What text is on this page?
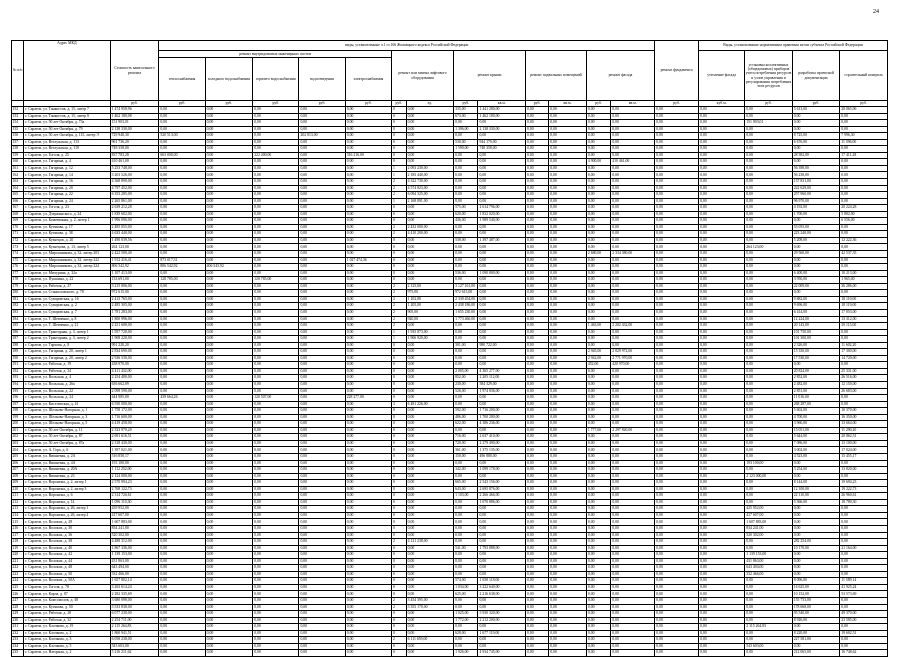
24
№ п/п	Адрес МКД	Стоимость капитального ремонта	виды, установленные ч.1 ст.166 Жилищного кодекса Российской Федерации													ремонт фундамента	Виды, установленные нормативным правовым актом субъекта Российской Федерации			
			ремонт внутридомовых инженерных систем					ремонт или замена лифтового оборудования		ремонт крыши		ремонт подвальных помещений		ремонт фасада			утепление фасада	установка коллективных (общедомовых) приборов учета потребления ресурсов и узлов управления и регулирования потребления этих ресурсов	разработка проектной документации	строительный контроль
			теплоснабжения	холодного водоснабжения	горячего водоснабжения	водоотведения	электроснабжения													
		руб.	руб.	руб.	руб.	руб.	руб.	руб.	ед.	руб.	кв.м.	руб.	кв.м.	руб.	кв.м.	руб.	куб.м.	руб.	руб.	руб.
152	г. Саратов, ул. Танкистов, д. 15, литер 7	1 474 958,96	0,00	0,00	0,00	0,00	0,00	0	0,00	335,00	1 441 280,00	0,00	0,00	0,00	0,00	0,00	0,00	0,00	5 613,00	28 065,96
153	г. Саратов, ул. Танкистов, д. 15, литер 8	1 462 180,08	0,00	0,00	0,00	0,00	0,00	0	0,00	673,00	1 462 180,00	0,00	0,00	0,00	0,00	0,00	0,00	0,00	0,00	0,00
154	г. Саратов, ул. 50 лет Октября, д. 73а	151 903,01	0,00	0,00	0,00	0,00	0,00	0	0,00	0,00	0,00	0,00	0,00	0,00	0,00	0,00	0,00	151 903,01	0,00	0,00
155	г. Саратов, ул. 50 лет Октября, д. 79	2 138 330,00	0,00	0,00	0,00	0,00	0,00	0	0,00	1 396,00	2 138 330,00	0,00	0,00	0,00	0,00	0,00	0,00	0,00	0,00	0,00
156	г. Саратов, ул. 50 лет Октября, д. 115, литер Э	729 948,30	520 513,00	0,00	0,00	202 813,00	0,00	0	0,00	0,00	0,00	0,00	0,00	0,00	0,00	0,00	0,00	0,00	8 725,00	7 996,30
157	г. Саратов, ул. Ветлужская, д. 113	961 736,20	0,00	0,00	0,00	0,00	0,00	0	0,00	530,00	944 170,00	0,00	0,00	0,00	0,00	0,00	0,00	0,00	6 676,00	11 596,00
158	г. Саратов, ул. Ветлужская, д. 119	748 358,00	0,00	0,00	0,00	0,00	0,00	0	0,00	1 590,00	748 358,00	0,00	0,00	0,00	0,00	0,00	0,00	0,00	0,00	0,00
159	г. Саратов, ул. Гоголя, д. 25	837 783,28	603 000,00	0,00	222 400,00	0,00	316 216,00	0	0,00	0,00	0,00	0,00	0,00	0,00	0,00	0,00	0,00	0,00	28 582,00	17 411,28
160	г. Саратов, ул. Гагарина, д. 4	410 461,00	0,00	0,00	0,00	0,00	0,00	0	0,00	0,00	0,00	0,00	0,00	4 900,00	410 461,00	0,00	0,00	0,00	0,00	0,00
161	г. Саратов, ул. Гагарина, д. 12	5 253 748,00	0,00	0,00	0,00	0,00	0,00	1	2 093 230,00	0,00	0,00	0,00	0,00	0,00	0,00	0,00	0,00	0,00	56 398,00	0,00
162	г. Саратов, ул. Гагарина, д. 14	3 203 526,00	0,00	0,00	0,00	0,00	0,00	1	2 185 440,00	0,00	0,00	0,00	0,00	0,00	0,00	0,00	0,00	0,00	56 238,00	0,00
163	г. Саратов, ул. Гагарина, д. 16	4 368 890,00	0,00	0,00	0,00	0,00	0,00	2	4 322 730,00	0,00	0,00	0,00	0,00	0,00	0,00	0,00	0,00	0,00	137 831,00	0,00
164	г. Саратов, ул. Гагарина, д. 20	4 797 452,00	0,00	0,00	0,00	0,00	0,00	2	4 574 823,00	0,00	0,00	0,00	0,00	0,00	0,00	0,00	0,00	0,00	222 629,00	0,00
165	г. Саратов, ул. Гагарина, д. 22	6 353 285,00	0,00	0,00	0,00	0,00	0,00	2	6 094 325,00	0,00	0,00	0,00	0,00	0,00	0,00	0,00	0,00	0,00	257 960,00	0,00
166	г. Саратов, ул. Гагарина, д. 24	2 265 861,00	0,00	0,00	0,00	0,00	0,00	1	2 168 891,00	0,00	0,00	0,00	0,00	0,00	0,00	0,00	0,00	0,00	96 970,00	0,00
167	г. Саратов, ул. Гоголя, д. 23	2 639 212,28	0,00	0,00	0,00	0,00	0,00	0	0,00	575,00	2 614 796,00	0,00	0,00	0,00	0,00	0,00	0,00	0,00	4 192,00	20 224,28
168	г. Саратов, ул. Дзержинского, д. 24	1 839 602,00	0,00	0,00	0,00	0,00	0,00	0	0,00	620,00	1 832 020,00	0,00	0,00	0,00	0,00	0,00	0,00	0,00	1 700,00	5 882,00
169	г. Саратов, ул. Кожевенная, д. 2, литер 1	1 996 096,00	0,00	0,00	0,00	0,00	0,00	0	0,00	436,00	1 989 540,00	0,00	0,00	0,00	0,00	0,00	0,00	0,00	0,00	6 556,00
170	г. Саратов, ул. Кутякова, д. 17	2 485 055,00	0,00	0,00	0,00	0,00	0,00	2	2 432 000,00	0,00	0,00	0,00	0,00	0,00	0,00	0,00	0,00	0,00	53 055,00	0,00
171	г. Саратов, ул. Кутякова, д. 38	4 633 440,00	0,00	0,00	0,00	0,00	0,00	2	4 410 200,00	0,00	0,00	0,00	0,00	0,00	0,00	0,00	0,00	0,00	223 240,00	0,00
172	г. Саратов, ул. Кузнецов, д. 20	1 490 039,56	0,00	0,00	0,00	0,00	0,00	0	0,00	538,00	1 397 487,00	0,00	0,00	0,00	0,00	0,00	0,00	0,00	5 208,00	12 222,36
173	г. Саратов, ул. Кузнецова, д. 13, литер 5	264 123,00	0,00	0,00	0,00	0,00	0,00	0	0,00	0,00	0,00	0,00	0,00	0,00	0,00	0,00	0,00	264 123,00	0,00	0,00
174	г. Саратов, ул. Мирошникова, д. 32, литер 203	2 422 500,40	0,00	0,00	0,00	0,00	0,00	0	0,00	0,00	0,00	0,00	0,00	2 680,00	2 334 380,00	0,00	0,00	0,00	29 560,00	42 537,35
175	г. Саратов, ул. Мирошникова, д. 32, литер 222	1 912 416,41	873 017,31	0,00	0,00	0,00	1 027 474,36	0	0,00	0,00	0,00	0,00	0,00	0,00	0,00	0,00	0,00	0,00	0,00	0,00
176	г. Саратов, ул. Мирошникова, д. 32, литер 224	806 542,92	806 542,92	406 543,92	0,00	0,00	0,00	0	0,00	0,00	0,00	0,00	0,00	0,00	0,00	0,00	0,00	0,00	0,00	0,00
177	г. Саратов, ул. Мичурина, д. 32а	1 107 413,00	0,00	0,00	0,00	0,00	0,00	0	0,00	536,00	1 090 800,00	0,00	0,00	0,00	0,00	0,00	0,00	0,00	6 400,00	10 213,00
178	г. Саратов, ул. Пушкина, д. 22	133 691,00	128 785,00	0,00	128 785,00	0,00	0,00	0	0,00	0,00	0,00	0,00	0,00	0,00	0,00	0,00	0,00	0,00	3 950,00	1 965,00
179	г. Саратов, ул. Рабочая, д. 27	3 215 806,00	0,00	0,00	0,00	0,00	0,00	2	2 125,00	3 127 161,00	0,00	0,00	0,00	0,00	0,00	0,00	0,00	0,00	22 009,00	36 286,00
180	г. Саратов, ул. Станиславского, д. 78	972 615,00	0,00	0,00	0,00	0,00	0,00	2	975,00	972 615,00	0,00	0,00	0,00	0,00	0,00	0,00	0,00	0,00	0,00	0,00
181	г. Саратов, ул. Суворовская, д. 16	2 413 765,00	0,00	0,00	0,00	0,00	0,00	2	1 102,00	2 339 454,00	0,00	0,00	0,00	0,00	0,00	0,00	0,00	0,00	9 882,00	18 119,00
182	г. Саратов, ул. Суворовская, д. 2	2 485 305,00	0,00	0,00	0,00	0,00	0,00	2	1 205,00	2 438 186,00	0,00	0,00	0,00	0,00	0,00	0,00	0,00	0,00	9 696,00	18 119,00
183	г. Саратов, ул. Суворовская, д. 7	1 781 283,00	0,00	0,00	0,00	0,00	0,00	2	905,00	1 655 230,00	0,00	0,00	0,00	0,00	0,00	0,00	0,00	0,00	6 414,00	17 053,00
184	г. Саратов, ул. Т. Шевченко, д. 8	1 800 996,00	0,00	0,00	0,00	0,00	0,00	2	920,00	1 773 460,00	0,00	0,00	0,00	0,00	0,00	0,00	0,00	0,00	12 224,00	13 312,00
185	г. Саратов, ул. Т. Шевченко, д. 21	2 251 688,00	0,00	0,00	0,00	0,00	0,00	2	0,00	0,00	0,00	0,00	0,00	1 463,00	2 202 432,00	0,00	0,00	0,00	20 143,00	29 115,00
186	г. Саратов, ул. Тракторная, д. 3, литер 1	1 957 720,00	0,00	0,00	0,00	0,00	0,00	1	1 935 873,00	0,00	0,00	0,00	0,00	0,00	0,00	0,00	0,00	0,00	101 750,00	0,00
187	г. Саратов, ул. Тракторная, д. 3, литер 2	1 908 220,00	0,00	0,00	0,00	0,00	0,00	1	1 906 920,00	0,00	0,00	0,00	0,00	0,00	0,00	0,00	0,00	0,00	101 300,00	0,00
188	г. Саратов, ул. Тархова, д. 8	991 220,20	0,00	0,00	0,00	0,00	0,00	0	0,00	301,00	980 722,00	0,00	0,00	0,00	0,00	0,00	0,00	0,00	2 326,00	11 602,20
189	г. Саратов, ул. Гагарина, д. 20, литер 1	2 834 690,00	0,00	0,00	0,00	0,00	0,00	0	0,00	0,00	0,00	0,00	0,00	2 945,00	2 829 972,00	0,00	0,00	0,00	15 350,00	17 300,00
190	г. Саратов, ул. Гагарина, д. 20, литер 2	2 936 530,00	0,00	0,00	0,00	0,00	0,00	0	0,00	0,00	0,00	0,00	0,00	2 942,00	2 771 970,00	0,00	0,00	0,00	17 530,00	14 720,00
191	г. Саратов, ул. Рабочая, д. 19	438 970,00	0,00	0,00	0,00	0,00	0,00	0	0,00	0,00	0,00	0,00	0,00	452,00	420 970,00	0,00	0,00	0,00	0,00	0,00
192	г. Саратов, ул. Рабочая, д. 34	4 411 432,00	0,00	0,00	0,00	0,00	0,00	0	0,00	2 005,00	4 365 277,00	0,00	0,00	0,00	0,00	0,00	0,00	0,00	20 824,00	25 331,00
193	г. Саратов, ул. Вольская, д. 4	2 254 480,00	0,00	0,00	0,00	0,00	0,00	0	0,00	852,00	2 205 112,00	0,00	0,00	0,00	0,00	0,00	0,00	0,00	2 852,00	26 516,00
194	г. Саратов, ул. Вольская, д. 26а	636 662,89	0,00	0,00	0,00	0,00	0,00	0	0,00	230,00	584 329,00	0,00	0,00	0,00	0,00	0,00	0,00	0,00	2 482,00	12 150,00
195	г. Саратов, ул. Вольская, д. 22	2 098 590,00	0,00	0,00	0,00	0,00	0,00	0	0,00	526,00	1 974 836,00	0,00	0,00	0,00	0,00	0,00	0,00	0,00	2 851,00	26 683,00
196	г. Саратов, ул. Вольская, д. 24	444 985,00	439 664,26	0,00	120 507,00	0,00	228 277,00	0	0,00	0,00	0,00	0,00	0,00	0,00	0,00	0,00	0,00	0,00	11 016,00	0,00
197	г. Саратов, ул. Киселевская, д. 41	6 550 000,00	0,00	0,00	0,00	0,00	0,00	3	6 481 226,00	0,00	0,00	0,00	0,00	0,00	0,00	0,00	0,00	0,00	268 287,00	0,00
198	г. Саратов, ул. Шелково-Нагорная, д. 1	1 758 172,00	0,00	0,00	0,00	0,00	0,00	0	0,00	592,00	1 716 200,00	0,00	0,00	0,00	0,00	0,00	0,00	0,00	5 602,00	10 370,00
199	г. Саратов, ул. Шелково-Нагорная, д. 3	1 716 600,00	0,00	0,00	0,00	0,00	0,00	0	0,00	486,00	1 700 200,00	0,00	0,00	0,00	0,00	0,00	0,00	0,00	4 700,00	16 350,00
200	г. Саратов, ул. Шелково-Нагорная, д. 5	4 419 458,00	0,00	0,00	0,00	0,00	0,00	0	0,00	622,00	4 386 236,00	0,00	0,00	0,00	0,00	0,00	0,00	0,00	3 960,00	13 664,00
201	г. Саратов, ул. 50 лет Октября, д. 11	2 333 970,20	0,00	0,00	0,00	0,00	0,00	0	0,00	0,00	0,00	0,00	0,00	1 777,00	2 297 820,00	0,00	0,00	0,00	15 051,00	11 290,20
202	г. Саратов, ул. 50 лет Октября, д. 87	2 691 616,51	0,00	0,00	0,00	0,00	0,00	0	0,00	716,00	2 637 410,00	0,00	0,00	0,00	0,00	0,00	0,00	0,00	5 644,00	20 862,51
203	г. Саратов, ул. 50 лет Октября, д. 87а	2 318 430,00	0,00	0,00	0,00	0,00	0,00	0	0,00	720,00	2 279 490,00	0,00	0,00	0,00	0,00	0,00	0,00	0,00	7 086,00	13 100,00
204	г. Саратов, ул. А. Гора, д. 6	1 397 021,00	0,00	0,00	0,00	0,00	0,00	0	0,00	361,00	1 375 135,00	0,00	0,00	0,00	0,00	0,00	0,00	0,00	3 002,00	17 024,00
205	г. Саратов, ул. Вишневая, д. 2А	516 858,17	0,00	0,00	0,00	0,00	0,00	0	0,00	150,00	496 880,00	0,00	0,00	0,00	0,00	0,00	0,00	0,00	4 523,00	15 455,17
206	г. Саратов, ул. Вишневая, д. 4А	193 100,00	0,00	0,00	0,00	0,00	0,00	0	0,00	0,00	0,00	0,00	0,00	0,00	0,00	0,00	0,00	193 100,00	0,00	0,00
207	г. Саратов, ул. Вишневая, д. 20А	1 112 252,00	0,00	0,00	0,00	0,00	0,00	0	0,00	342,00	1 099 178,00	0,00	0,00	0,00	0,00	0,00	0,00	0,00	3 254,00	13 820,00
208	г. Саратов, ул. Вишневая, д. 23	2 124 000,00	0,00	0,00	0,00	0,00	0,00	0	0,00	0,00	0,00	0,00	0,00	0,00	0,00	0,00	0,00	2 123 000,00	0,00	0,00
209	г. Саратов, ул. Воронежа, д. 2, литер 1	2 570 994,23	0,00	0,00	0,00	0,00	0,00	0	0,00	665,00	2 543 156,00	0,00	0,00	0,00	0,00	0,00	0,00	0,00	8 144,00	19 694,23
210	г. Саратов, ул. Воронежа, д. 2, литер 3	2 768 122,73	0,00	0,00	0,00	0,00	0,00	0	0,00	643,00	2 695 876,00	0,00	0,00	0,00	0,00	0,00	0,00	0,00	12 100,00	19 222,73
211	г. Саратов, ул. Воронежа, д. 6	2 314 726,61	0,00	0,00	0,00	0,00	0,00	0	0,00	1 103,00	2 266 466,00	0,00	0,00	0,00	0,00	0,00	0,00	0,00	22 110,00	26 960,61
212	г. Саратов, ул. Воронежа, д. 14	1 096 110,30	0,00	0,00	0,00	0,00	0,00	0	0,00	0,00	1 070 886,00	0,00	0,00	0,00	0,00	0,00	0,00	0,00	5 366,00	18 780,30
213	г. Саратов, ул. Воронежа, д. 26, литер 1	439 952,00	0,00	0,00	0,00	0,00	0,00	0	0,00	0,00	0,00	0,00	0,00	0,00	0,00	0,00	0,00	425 952,00	0,00	0,00
214	г. Саратов, ул. Воронежа, д. 26, литер 2	417 607,00	0,00	0,00	0,00	0,00	0,00	0	0,00	0,00	0,00	0,00	0,00	0,00	0,00	0,00	0,00	417 607,00	0,00	0,00
215	г. Саратов, ул. Волоких, д. 28	1 607 883,00	0,00	0,00	0,00	0,00	0,00	0	0,00	0,00	0,00	0,00	0,00	0,00	0,00	0,00	0,00	1 607 883,00	0,00	0,00
216	г. Саратов, ул. Волоких, д. 30	834 241,00	0,00	0,00	0,00	0,00	0,00	0	0,00	0,00	0,00	0,00	0,00	0,00	0,00	0,00	0,00	834 241,00	0,00	0,00
217	г. Саратов, ул. Волоких, д. 36	520 302,00	0,00	0,00	0,00	0,00	0,00	0	0,00	0,00	0,00	0,00	0,00	0,00	0,00	0,00	0,00	520 302,00	0,00	0,00
218	г. Саратов, ул. Волоких, д. 38	4 488 312,00	0,00	0,00	0,00	0,00	0,00	2	4 121 238,00	0,00	0,00	0,00	0,00	0,00	0,00	0,00	0,00	0,00	282 254,00	0,00
219	г. Саратов, ул. Волоких, д. 40	1 867 336,00	0,00	0,00	0,00	0,00	0,00	0	0,00	541,00	1 793 888,00	0,00	0,00	0,00	0,00	0,00	0,00	0,00	10 170,00	21 164,00
220	г. Саратов, ул. Волоких, д. 42	1 139 153,00	0,00	0,00	0,00	0,00	0,00	0	0,00	0,00	0,00	0,00	0,00	0,00	0,00	0,00	0,00	1 139 153,00	0,00	0,00
221	г. Саратов, ул. Волоких, д. 44	431 863,00	0,00	0,00	0,00	0,00	0,00	0	0,00	0,00	0,00	0,00	0,00	0,00	0,00	0,00	0,00	431 863,00	0,00	0,00
222	г. Саратов, ул. Волоких, д. 48	643 494,00	0,00	0,00	0,00	0,00	0,00	0	0,00	0,00	0,00	0,00	0,00	0,00	0,00	0,00	0,00	643 494,00	0,00	0,00
223	г. Саратов, ул. Волоких, д. 50	332 466,00	0,00	0,00	0,00	0,00	0,00	0	0,00	0,00	0,00	0,00	0,00	0,00	0,00	0,00	0,00	332 466,00	0,00	0,00
224	г. Саратов, ул. Волоких, д. 50А	1 657 802,14	0,00	0,00	0,00	0,00	0,00	0	0,00	574,00	1 658 118,00	0,00	0,00	0,00	0,00	0,00	0,00	0,00	8 096,00	11 589,14
225	г. Саратов, ул. Гоголя, д. 78	3 263 614,24	0,00	0,00	0,00	0,00	0,00	0	0,00	1 034,00	3 222 640,00	0,00	0,00	0,00	0,00	0,00	0,00	0,00	14 625,00	41 925,24
226	г. Саратов, ул. Карла, д. 87	2 282 335,69	0,00	0,00	0,00	0,00	0,00	0	0,00	625,00	2 216 638,00	0,00	0,00	0,00	0,00	0,00	0,00	0,00	10 152,00	53 573,69
227	г. Саратов, ул. Комсомолов, д. 48	3 680 098,00	0,00	0,00	0,00	0,00	0,00	2	3 454 395,00	0,00	0,00	0,00	0,00	0,00	0,00	0,00	0,00	0,00	155 753,00	0,00
228	г. Саратов, ул. Кутякова, д. 50	3 533 838,00	0,00	0,00	0,00	0,00	0,00	2	3 355 170,00	0,00	0,00	0,00	0,00	0,00	0,00	0,00	0,00	0,00	178 668,00	0,00
229	г. Саратов, ул. Рабочая, д. 28	6 077 230,00	0,00	0,00	0,00	0,00	0,00	0	0,00	1 025,00	5 930 320,00	0,00	0,00	0,00	0,00	0,00	0,00	0,00	95 540,00	49 370,00
230	г. Саратов, ул. Рабочая, д. 32	2 254 711,00	0,00	0,00	0,00	0,00	0,00	0	0,00	1 772,00	2 212 200,00	0,00	0,00	0,00	0,00	0,00	0,00	0,00	8 926,00	23 585,00
231	г. Саратов, ул. Клочкова, д. 19	2 115 264,83	0,00	0,00	0,00	0,00	0,00	0	0,00	0,00	0,00	0,00	0,00	0,00	0,00	0,00	0,00	2 115 264,83	0,00	0,00
232	г. Саратов, ул. Клочкова, д. 2	1 860 941,51	0,00	0,00	0,00	0,00	0,00	0	0,00	628,00	1 677 119,00	0,00	0,00	0,00	0,00	0,00	0,00	0,00	8 220,00	19 602,51
233	г. Саратов, ул. Клочкова, д. 3	6 058 238,00	0,00	0,00	0,00	0,00	0,00	2	6 111 659,00	0,00	0,00	0,00	0,00	0,00	0,00	0,00	0,00	0,00	227 581,00	0,00
234	г. Саратов, ул. Клочкова, д. 5	543 603,00	0,00	0,00	0,00	0,00	0,00	0	0,00	0,00	0,00	0,00	0,00	0,00	0,00	0,00	0,00	543 603,00	0,00	0,00
235	г. Саратов, ул. Нагорная, д. 2	5 216 211,62	0,00	0,00	0,00	0,00	0,00	0	0,00	1 926,00	4 934 745,00	0,00	0,00	0,00	0,00	0,00	0,00	0,00	212 065,00	16 748,62
